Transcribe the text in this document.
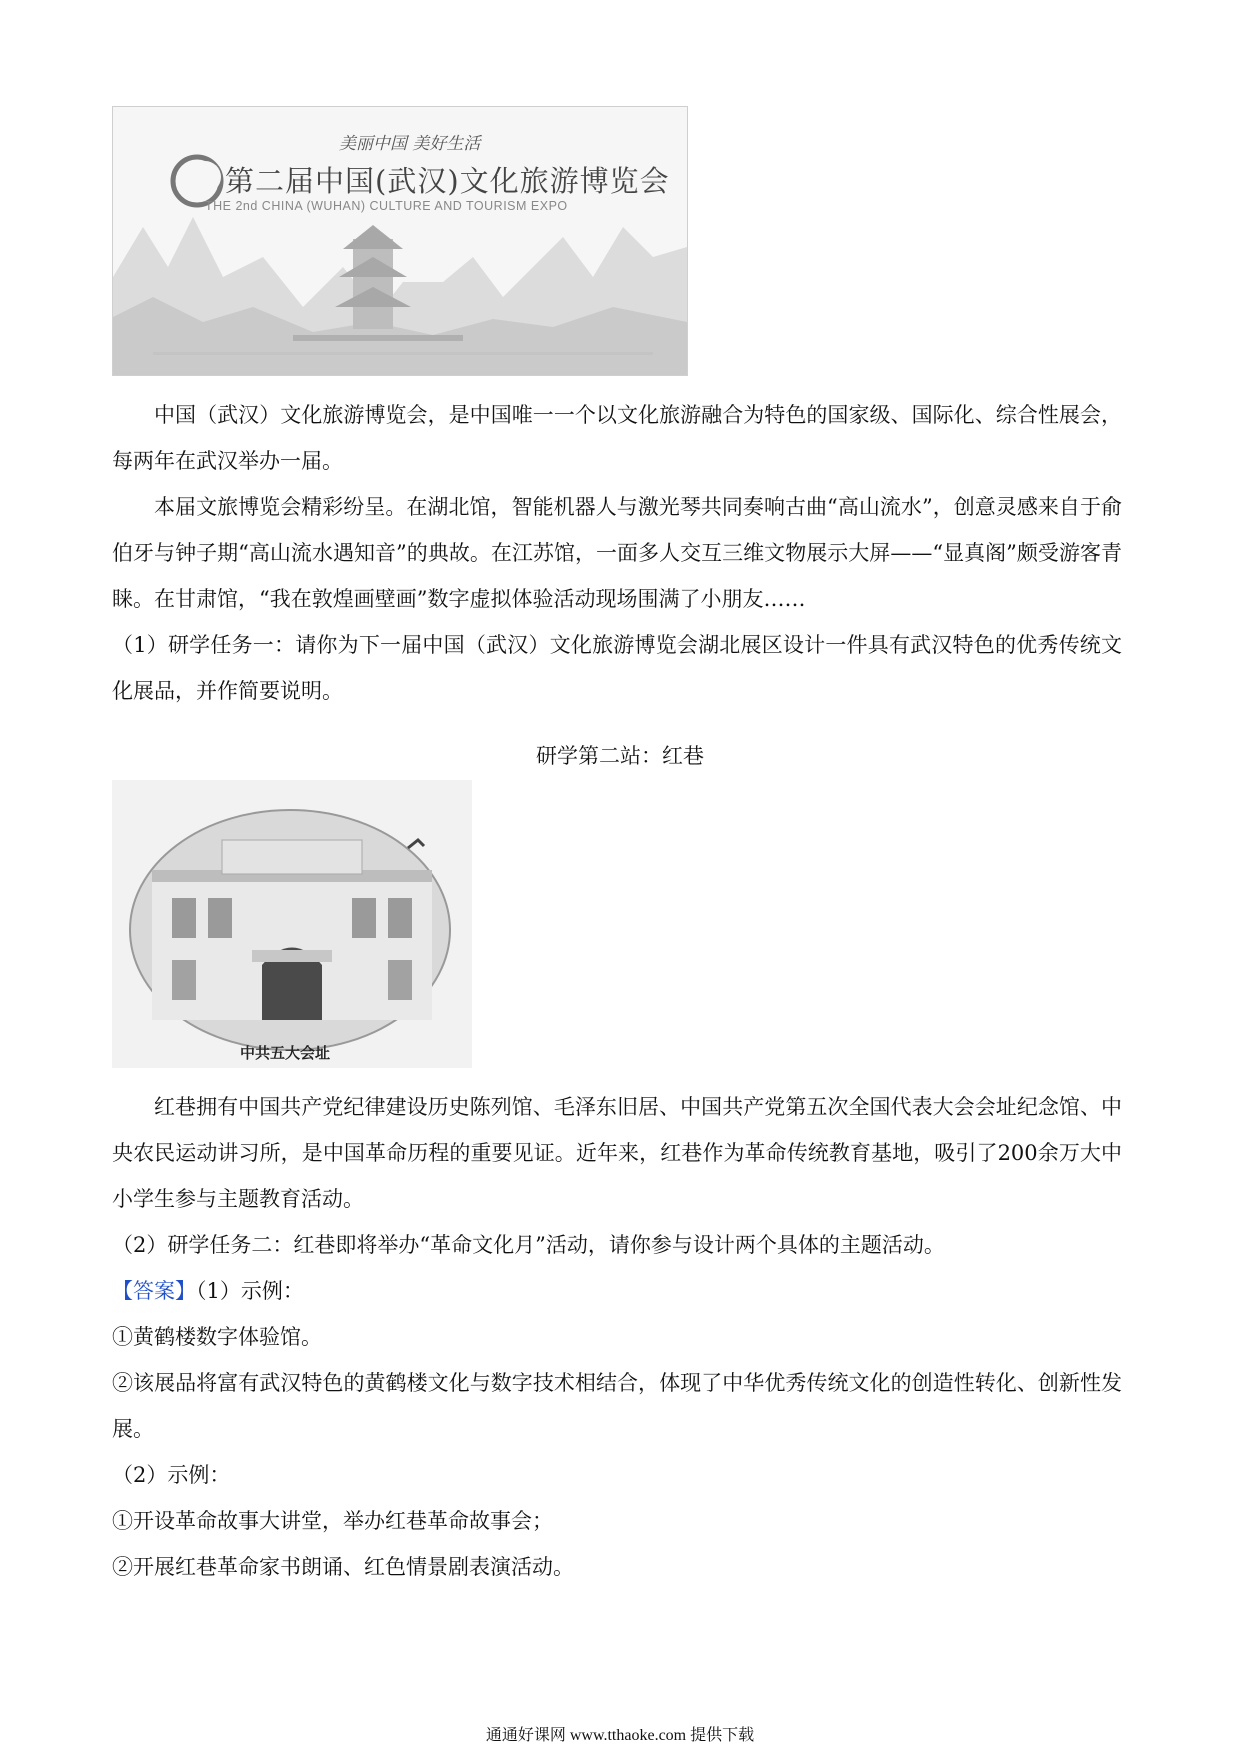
美丽中国 美好生活
第二届中国(武汉)文化旅游博览会
THE 2nd CHINA (WUHAN) CULTURE AND TOURISM EXPO

中国（武汉）文化旅游博览会，是中国唯一一个以文化旅游融合为特色的国家级、国际化、综合性展会，每两年在武汉举办一届。

本届文旅博览会精彩纷呈。在湖北馆，智能机器人与激光琴共同奏响古曲“高山流水”，创意灵感来自于俞伯牙与钟子期“高山流水遇知音”的典故。在江苏馆，一面多人交互三维文物展示大屏——“显真阁”颇受游客青睐。在甘肃馆，“我在敦煌画壁画”数字虚拟体验活动现场围满了小朋友……

（1）研学任务一：请你为下一届中国（武汉）文化旅游博览会湖北展区设计一件具有武汉特色的优秀传统文化展品，并作简要说明。

研学第二站：红巷
中共五大会址

红巷拥有中国共产党纪律建设历史陈列馆、毛泽东旧居、中国共产党第五次全国代表大会会址纪念馆、中央农民运动讲习所，是中国革命历程的重要见证。近年来，红巷作为革命传统教育基地，吸引了200余万大中小学生参与主题教育活动。

（2）研学任务二：红巷即将举办“革命文化月”活动，请你参与设计两个具体的主题活动。

【答案】（1）示例：

①黄鹤楼数字体验馆。

②该展品将富有武汉特色的黄鹤楼文化与数字技术相结合，体现了中华优秀传统文化的创造性转化、创新性发展。

（2）示例：

①开设革命故事大讲堂，举办红巷革命故事会；

②开展红巷革命家书朗诵、红色情景剧表演活动。

通通好课网 www.tthaoke.com 提供下载
